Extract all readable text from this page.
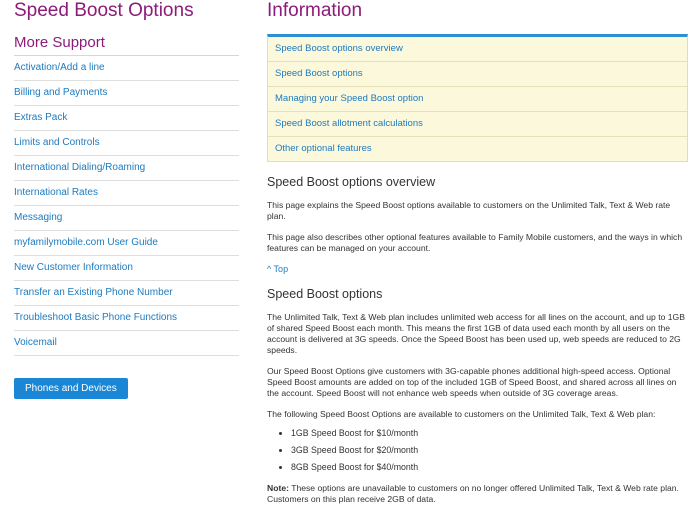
Speed Boost Options
More Support
Activation/Add a line
Billing and Payments
Extras Pack
Limits and Controls
International Dialing/Roaming
International Rates
Messaging
myfamilymobile.com User Guide
New Customer Information
Transfer an Existing Phone Number
Troubleshoot Basic Phone Functions
Voicemail
Phones and Devices
Information
Speed Boost options overview
Speed Boost options
Managing your Speed Boost option
Speed Boost allotment calculations
Other optional features
Speed Boost options overview

This page explains the Speed Boost options available to customers on the Unlimited Talk, Text & Web rate plan.

This page also describes other optional features available to Family Mobile customers, and the ways in which features can be managed on your account.

^ Top
Speed Boost options

The Unlimited Talk, Text & Web plan includes unlimited web access for all lines on the account, and up to 1GB of shared Speed Boost each month. This means the first 1GB of data used each month by all users on the account is delivered at 3G speeds. Once the Speed Boost has been used up, web speeds are reduced to 2G speeds.

Our Speed Boost Options give customers with 3G-capable phones additional high-speed access. Optional Speed Boost amounts are added on top of the included 1GB of Speed Boost, and shared across all lines on the account. Speed Boost will not enhance web speeds when outside of 3G coverage areas.

The following Speed Boost Options are available to customers on the Unlimited Talk, Text & Web plan:

• 1GB Speed Boost for $10/month
• 3GB Speed Boost for $20/month
• 8GB Speed Boost for $40/month

Note: These options are unavailable to customers on no longer offered Unlimited Talk, Text & Web rate plan. Customers on this plan receive 2GB of data.
